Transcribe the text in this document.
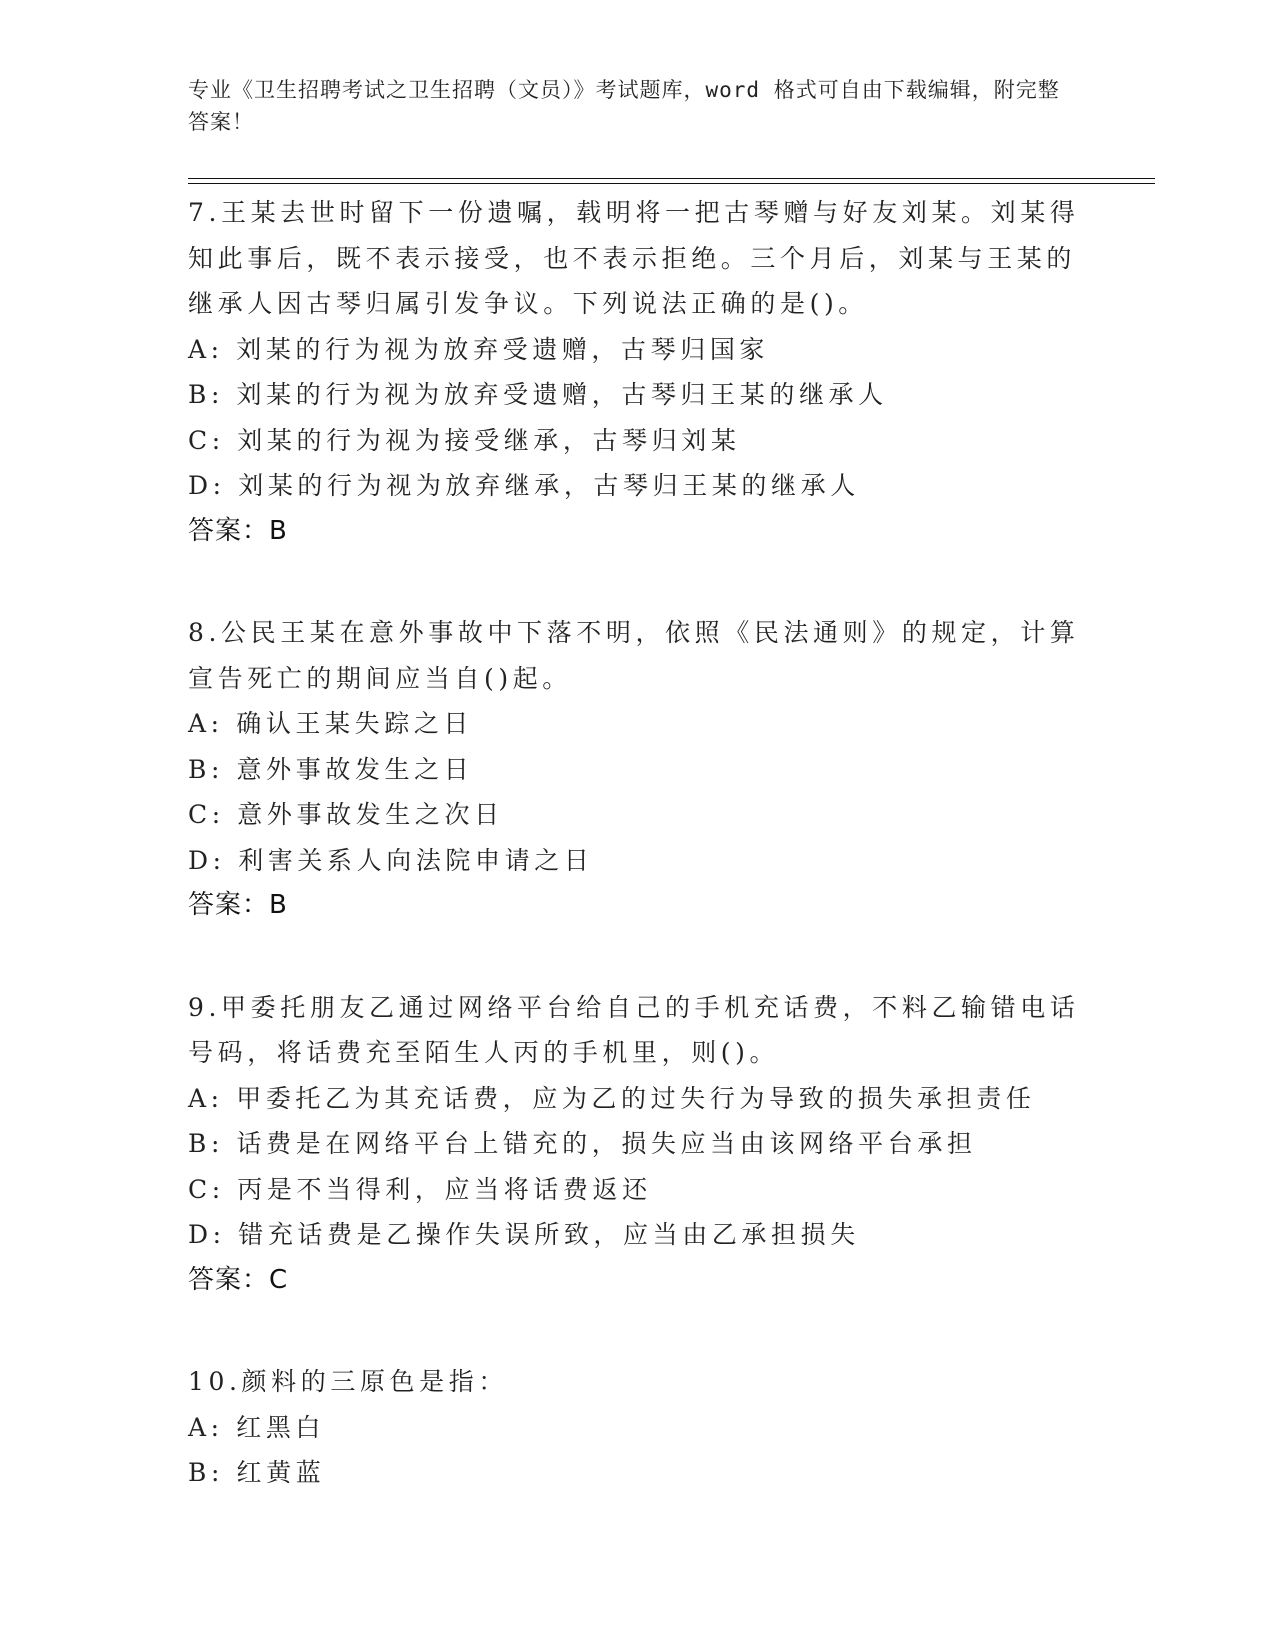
专业《卫生招聘考试之卫生招聘（文员）》考试题库，word 格式可自由下载编辑，附完整答案！
7.王某去世时留下一份遗嘱，载明将一把古琴赠与好友刘某。刘某得知此事后，既不表示接受，也不表示拒绝。三个月后，刘某与王某的继承人因古琴归属引发争议。下列说法正确的是()。
A: 刘某的行为视为放弃受遗赠，古琴归国家
B: 刘某的行为视为放弃受遗赠，古琴归王某的继承人
C: 刘某的行为视为接受继承，古琴归刘某
D: 刘某的行为视为放弃继承，古琴归王某的继承人
答案：B
8.公民王某在意外事故中下落不明，依照《民法通则》的规定，计算宣告死亡的期间应当自()起。
A: 确认王某失踪之日
B: 意外事故发生之日
C: 意外事故发生之次日
D: 利害关系人向法院申请之日
答案：B
9.甲委托朋友乙通过网络平台给自己的手机充话费，不料乙输错电话号码，将话费充至陌生人丙的手机里，则()。
A: 甲委托乙为其充话费，应为乙的过失行为导致的损失承担责任
B: 话费是在网络平台上错充的，损失应当由该网络平台承担
C: 丙是不当得利，应当将话费返还
D: 错充话费是乙操作失误所致，应当由乙承担损失
答案：C
10.颜料的三原色是指：
A: 红黑白
B: 红黄蓝
